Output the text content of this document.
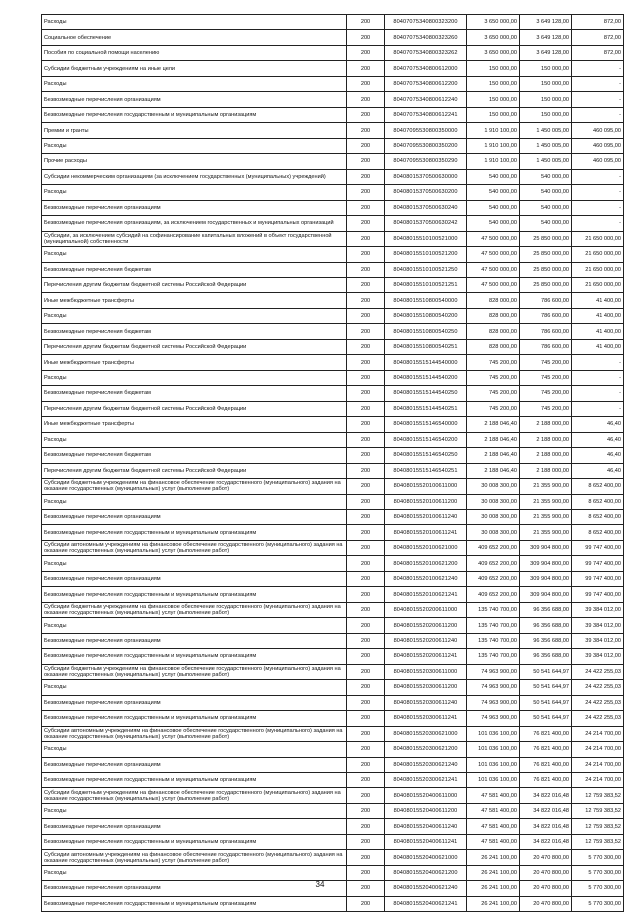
Расходы	200	80407075340800323200	3 650 000,00	3 649 128,00	872,00
Социальное обеспечение	200	80407075340800323260	3 650 000,00	3 649 128,00	872,00
Пособия по социальной помощи населению	200	80407075340800323262	3 650 000,00	3 649 128,00	872,00
Субсидии бюджетным учреждениям на иные цели	200	80407075340800612000	150 000,00	150 000,00	-
Расходы	200	80407075340800612200	150 000,00	150 000,00	-
Безвозмездные перечисления организациям	200	80407075340800612240	150 000,00	150 000,00	-
Безвозмездные перечисления государственным и муниципальным организациям	200	80407075340800612241	150 000,00	150 000,00	-
Премии и гранты	200	80407095530800350000	1 910 100,00	1 450 005,00	460 095,00
Расходы	200	80407095530800350200	1 910 100,00	1 450 005,00	460 095,00
Прочие расходы	200	80407095530800350290	1 910 100,00	1 450 005,00	460 095,00
Субсидии некоммерческим организациям (за исключением государственных (муниципальных) учреждений)	200	80408015370500630000	540 000,00	540 000,00	-
Расходы	200	80408015370500630200	540 000,00	540 000,00	-
Безвозмездные перечисления организациям	200	80408015370500630240	540 000,00	540 000,00	-
Безвозмездные перечисления организациям, за исключением государственных и муниципальных организаций	200	80408015370500630242	540 000,00	540 000,00	-
Субсидии, за исключением субсидий на софинансирование капитальных вложений в объект государственной (муниципальной) собственности	200	80408015510100521000	47 500 000,00	25 850 000,00	21 650 000,00
Расходы	200	80408015510100521200	47 500 000,00	25 850 000,00	21 650 000,00
Безвозмездные перечисления бюджетам	200	80408015510100521250	47 500 000,00	25 850 000,00	21 650 000,00
Перечисления другим бюджетам бюджетной системы Российской Федерации	200	80408015510100521251	47 500 000,00	25 850 000,00	21 650 000,00
Иные межбюджетные трансферты	200	80408015510800540000	828 000,00	786 600,00	41 400,00
Расходы	200	80408015510800540200	828 000,00	786 600,00	41 400,00
Безвозмездные перечисления бюджетам	200	80408015510800540250	828 000,00	786 600,00	41 400,00
Перечисления другим бюджетам бюджетной системы Российской Федерации	200	80408015510800540251	828 000,00	786 600,00	41 400,00
Иные межбюджетные трансферты	200	80408015515144540000	745 200,00	745 200,00	-
Расходы	200	80408015515144540200	745 200,00	745 200,00	-
Безвозмездные перечисления бюджетам	200	80408015515144540250	745 200,00	745 200,00	-
Перечисления другим бюджетам бюджетной системы Российской Федерации	200	80408015515144540251	745 200,00	745 200,00	-
Иные межбюджетные трансферты	200	80408015515146540000	2 188 046,40	2 188 000,00	46,40
Расходы	200	80408015515146540200	2 188 046,40	2 188 000,00	46,40
Безвозмездные перечисления бюджетам	200	80408015515146540250	2 188 046,40	2 188 000,00	46,40
Перечисления другим бюджетам бюджетной системы Российской Федерации	200	80408015515146540251	2 188 046,40	2 188 000,00	46,40
Субсидии бюджетным учреждениям на финансовое обеспечение государственного (муниципального) задания на оказание государственных (муниципальных) услуг (выполнение работ)	200	80408015520100611000	30 008 300,00	21 355 900,00	8 652 400,00
Расходы	200	80408015520100611200	30 008 300,00	21 355 900,00	8 652 400,00
Безвозмездные перечисления организациям	200	80408015520100611240	30 008 300,00	21 355 900,00	8 652 400,00
Безвозмездные перечисления государственным и муниципальным организациям	200	80408015520100611241	30 008 300,00	21 355 900,00	8 652 400,00
Субсидии автономным учреждениям на финансовое обеспечение государственного (муниципального) задания на оказание государственных (муниципальных) услуг (выполнение работ)	200	80408015520100621000	409 652 200,00	309 904 800,00	99 747 400,00
Расходы	200	80408015520100621200	409 652 200,00	309 904 800,00	99 747 400,00
Безвозмездные перечисления организациям	200	80408015520100621240	409 652 200,00	309 904 800,00	99 747 400,00
Безвозмездные перечисления государственным и муниципальным организациям	200	80408015520100621241	409 652 200,00	309 904 800,00	99 747 400,00
Субсидии бюджетным учреждениям на финансовое обеспечение государственного (муниципального) задания на оказание государственных (муниципальных) услуг (выполнение работ)	200	80408015520200611000	135 740 700,00	96 356 688,00	39 384 012,00
Расходы	200	80408015520200611200	135 740 700,00	96 356 688,00	39 384 012,00
Безвозмездные перечисления организациям	200	80408015520200611240	135 740 700,00	96 356 688,00	39 384 012,00
Безвозмездные перечисления государственным и муниципальным организациям	200	80408015520200611241	135 740 700,00	96 356 688,00	39 384 012,00
Субсидии бюджетным учреждениям на финансовое обеспечение государственного (муниципального) задания на оказание государственных (муниципальных) услуг (выполнение работ)	200	80408015520300611000	74 963 900,00	50 541 644,97	24 422 255,03
Расходы	200	80408015520300611200	74 963 900,00	50 541 644,97	24 422 255,03
Безвозмездные перечисления организациям	200	80408015520300611240	74 963 900,00	50 541 644,97	24 422 255,03
Безвозмездные перечисления государственным и муниципальным организациям	200	80408015520300611241	74 963 900,00	50 541 644,97	24 422 255,03
Субсидии автономным учреждениям на финансовое обеспечение государственного (муниципального) задания на оказание государственных (муниципальных) услуг (выполнение работ)	200	80408015520300621000	101 036 100,00	76 821 400,00	24 214 700,00
Расходы	200	80408015520300621200	101 036 100,00	76 821 400,00	24 214 700,00
Безвозмездные перечисления организациям	200	80408015520300621240	101 036 100,00	76 821 400,00	24 214 700,00
Безвозмездные перечисления государственным и муниципальным организациям	200	80408015520300621241	101 036 100,00	76 821 400,00	24 214 700,00
Субсидии бюджетным учреждениям на финансовое обеспечение государственного (муниципального) задания на оказание государственных (муниципальных) услуг (выполнение работ)	200	80408015520400611000	47 581 400,00	34 822 016,48	12 759 383,52
Расходы	200	80408015520400611200	47 581 400,00	34 822 016,48	12 759 383,52
Безвозмездные перечисления организациям	200	80408015520400611240	47 581 400,00	34 822 016,48	12 759 383,52
Безвозмездные перечисления государственным и муниципальным организациям	200	80408015520400611241	47 581 400,00	34 822 016,48	12 759 383,52
Субсидии автономным учреждениям на финансовое обеспечение государственного (муниципального) задания на оказание государственных (муниципальных) услуг (выполнение работ)	200	80408015520400621000	26 241 100,00	20 470 800,00	5 770 300,00
Расходы	200	80408015520400621200	26 241 100,00	20 470 800,00	5 770 300,00
Безвозмездные перечисления организациям	200	80408015520400621240	26 241 100,00	20 470 800,00	5 770 300,00
Безвозмездные перечисления государственным и муниципальным организациям	200	80408015520400621241	26 241 100,00	20 470 800,00	5 770 300,00
34
